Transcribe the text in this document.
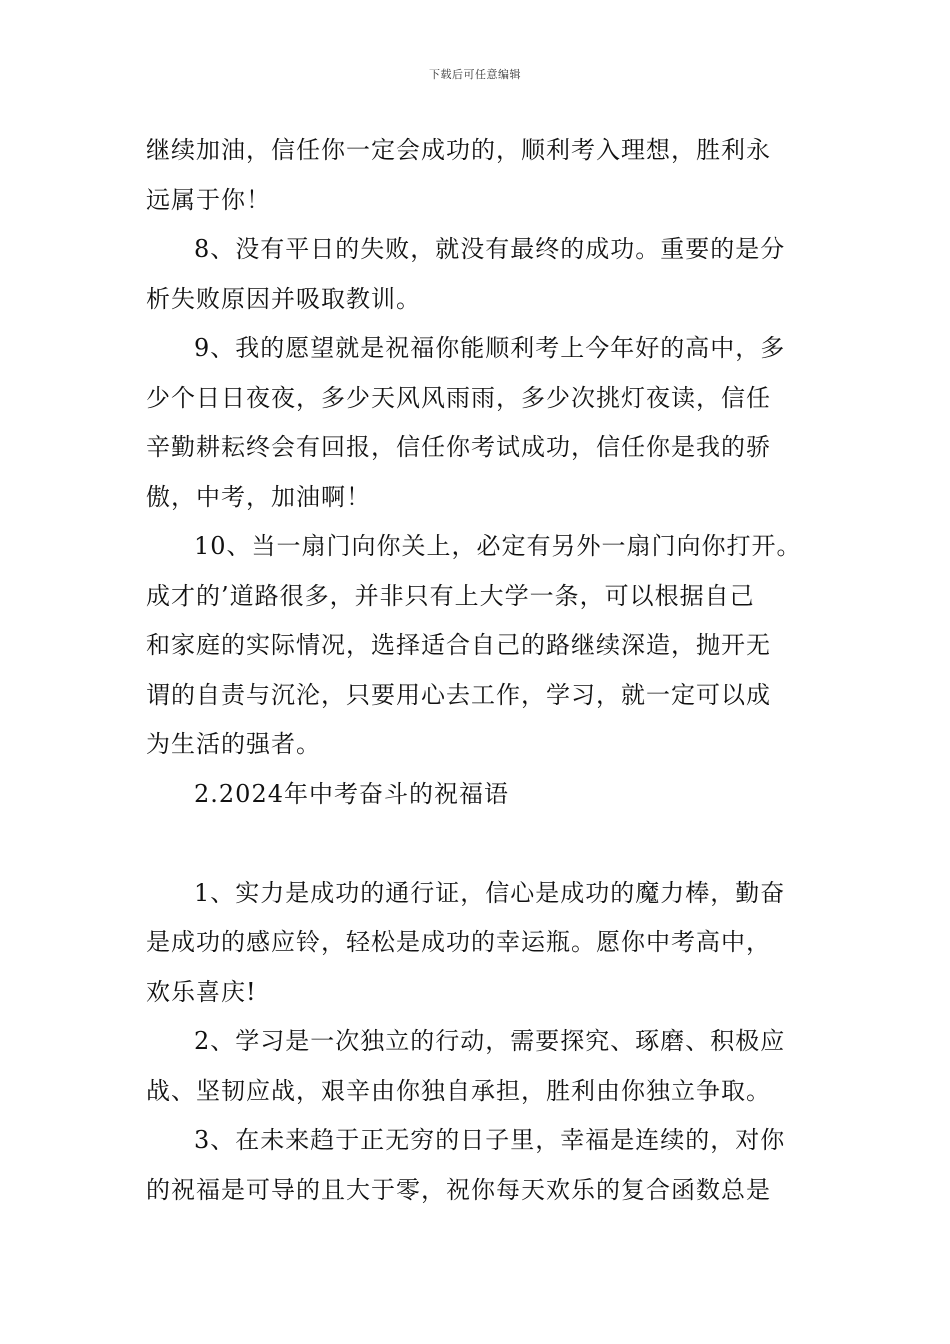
下载后可任意编辑
继续加油，信任你一定会成功的，顺利考入理想，胜利永
远属于你！
8、没有平日的失败，就没有最终的成功。重要的是分
析失败原因并吸取教训。
9、我的愿望就是祝福你能顺利考上今年好的高中，多
少个日日夜夜，多少天风风雨雨，多少次挑灯夜读，信任
辛勤耕耘终会有回报，信任你考试成功，信任你是我的骄
傲，中考，加油啊！
10、当一扇门向你关上，必定有另外一扇门向你打开。
成才的’道路很多，并非只有上大学一条，可以根据自己
和家庭的实际情况，选择适合自己的路继续深造，抛开无
谓的自责与沉沦，只要用心去工作，学习，就一定可以成
为生活的强者。
2.2024年中考奋斗的祝福语
1、实力是成功的通行证，信心是成功的魔力棒，勤奋
是成功的感应铃，轻松是成功的幸运瓶。愿你中考高中，
欢乐喜庆!
2、学习是一次独立的行动，需要探究、琢磨、积极应
战、坚韧应战，艰辛由你独自承担，胜利由你独立争取。
3、在未来趋于正无穷的日子里，幸福是连续的，对你
的祝福是可导的且大于零，祝你每天欢乐的复合函数总是
